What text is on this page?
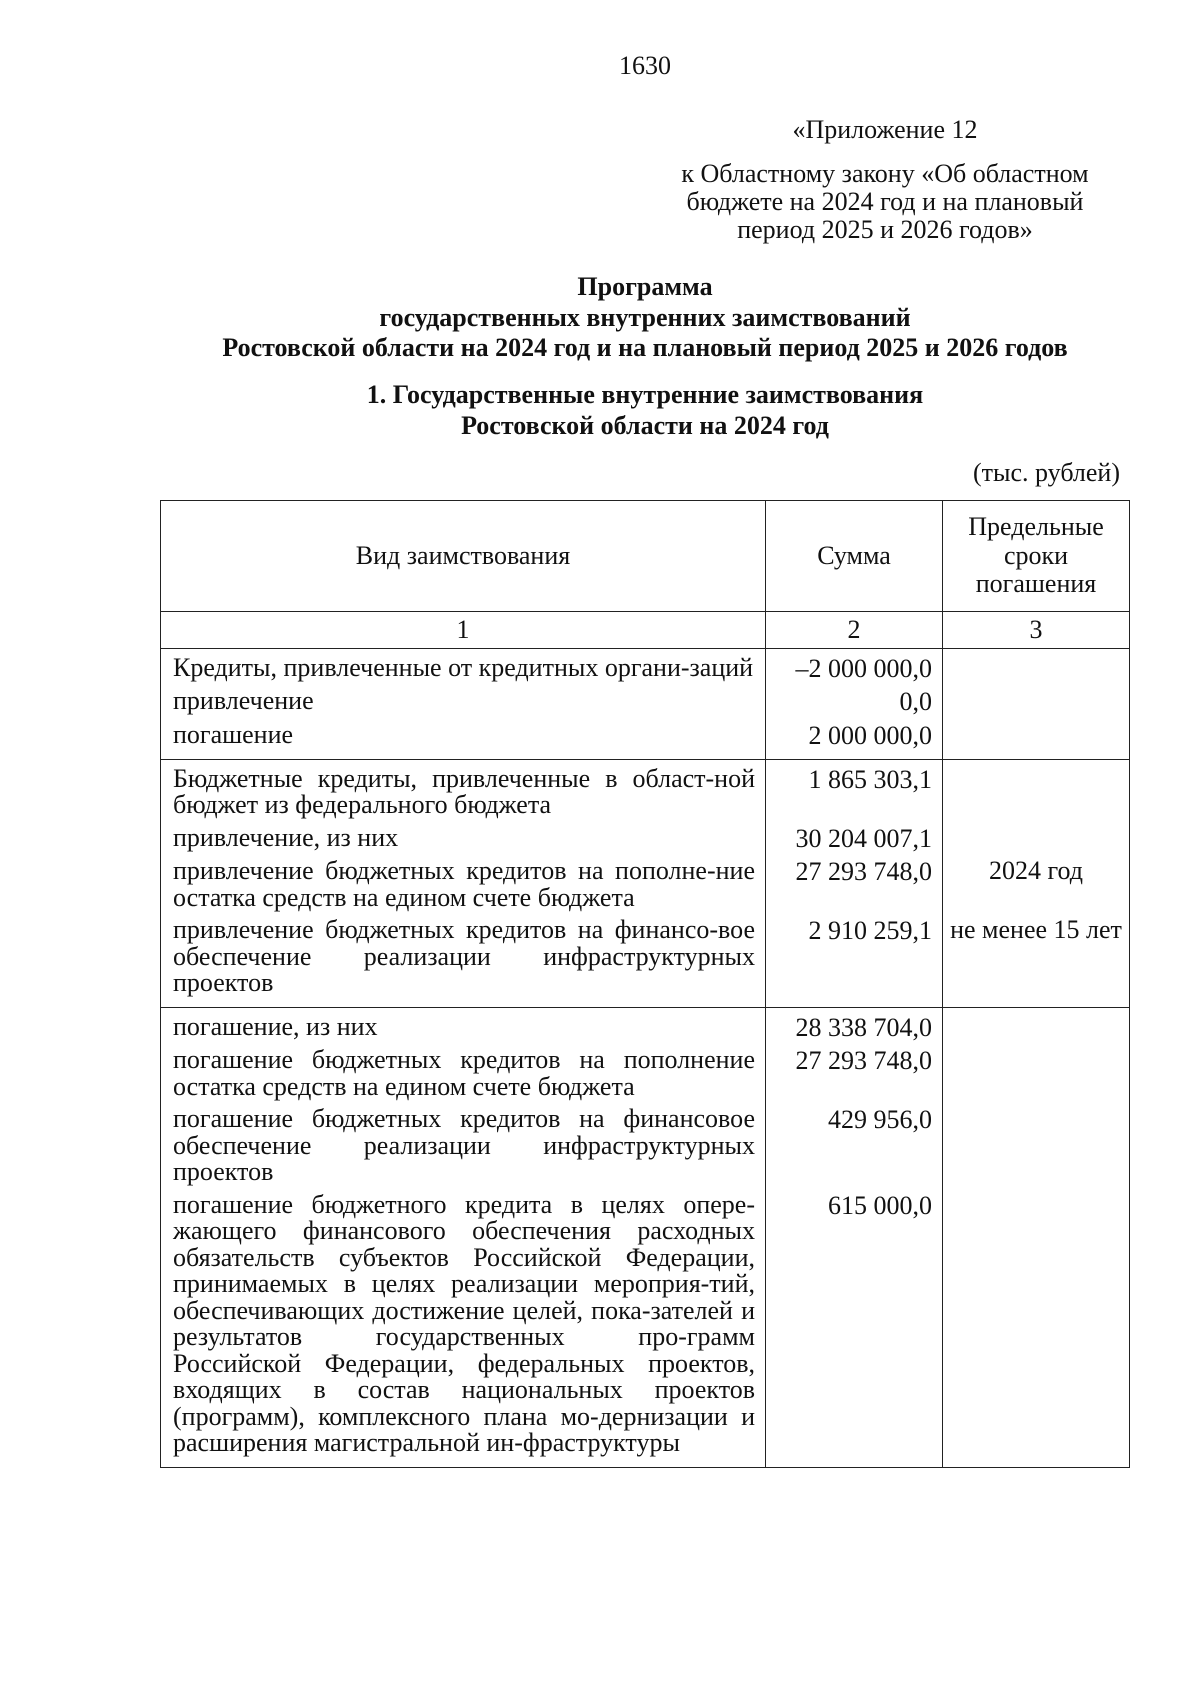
1630
«Приложение 12
к Областному закону «Об областном
бюджете на 2024 год и на плановый
период 2025 и 2026 годов»
Программа
государственных внутренних заимствований
Ростовской области на 2024 год и на плановый период 2025 и 2026 годов
1. Государственные внутренние заимствования
Ростовской области на 2024 год
(тыс. рублей)
Вид заимствования	Сумма	Предельные сроки погашения
1	2	3
Кредиты, привлеченные от кредитных органи-заций	–2 000 000,0	
привлечение	0,0	
погашение	2 000 000,0	
Бюджетные кредиты, привлеченные в област-ной бюджет из федерального бюджета	1 865 303,1	
привлечение, из них	30 204 007,1	
привлечение бюджетных кредитов на пополне-ние остатка средств на едином счете бюджета	27 293 748,0	2024 год
привлечение бюджетных кредитов на финансо-вое обеспечение реализации инфраструктурных проектов	2 910 259,1	не менее 15 лет
погашение, из них	28 338 704,0	
погашение бюджетных кредитов на пополнение остатка средств на едином счете бюджета	27 293 748,0	
погашение бюджетных кредитов на финансовое обеспечение реализации инфраструктурных проектов	429 956,0	
погашение бюджетного кредита в целях опере-жающего финансового обеспечения расходных обязательств субъектов Российской Федерации, принимаемых в целях реализации мероприя-тий, обеспечивающих достижение целей, пока-зателей и результатов государственных про-грамм Российской Федерации, федеральных проектов, входящих в состав национальных проектов (программ), комплексного плана мо-дернизации и расширения магистральной ин-фраструктуры	615 000,0	
